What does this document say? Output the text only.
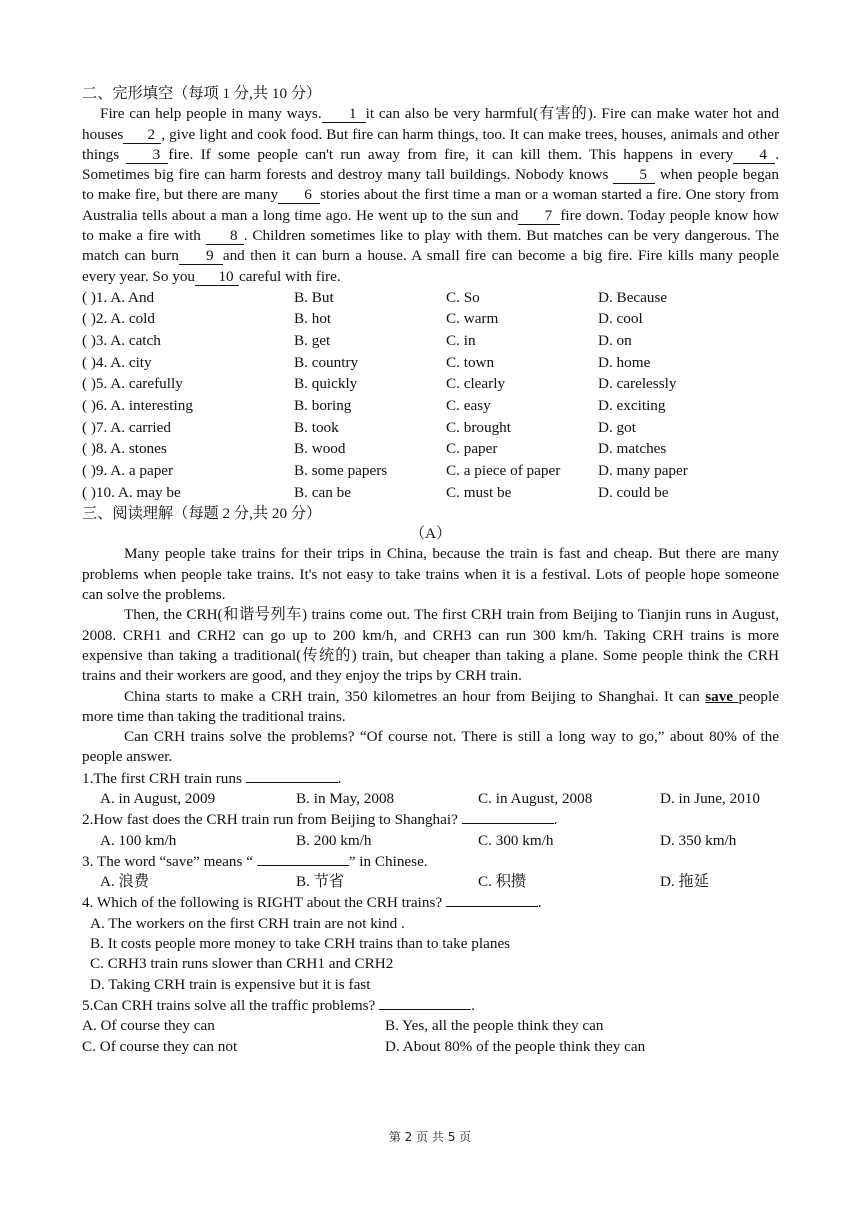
二、完形填空（每项 1 分,共 10 分）

Fire can help people in many ways. 1 it can also be very harmful(有害的). Fire can make water hot and houses 2 , give light and cook food. But fire can harm things, too. It can make trees, houses, animals and other things 3 fire. If some people can't run away from fire, it can kill them. This happens in every 4 . Sometimes big fire can harm forests and destroy many tall buildings. Nobody knows 5 when people began to make fire, but there are many 6 stories about the first time a man or a woman started a fire. One story from Australia tells about a man a long time ago. He went up to the sun and 7 fire down. Today people know how to make a fire with 8 . Children sometimes like to play with them. But matches can be very dangerous. The match can burn 9 and then it can burn a house. A small fire can become a big fire. Fire kills many people every year. So you 10 careful with fire.

( )1. A. And	B. But	C. So	D. Because
( )2. A. cold	B. hot	C. warm	D. cool
( )3. A. catch	B. get	C. in	D. on
( )4. A. city	B. country	C. town	D. home
( )5. A. carefully	B. quickly	C. clearly	D. carelessly
( )6. A. interesting	B. boring	C. easy	D. exciting
( )7. A. carried	B. took	C. brought	D. got
( )8. A. stones	B. wood	C. paper	D. matches
( )9. A. a paper	B. some papers	C. a piece of paper	D. many paper
( )10. A. may be	B. can be	C. must be	D. could be
三、阅读理解（每题 2 分,共 20 分）
（A）

Many people take trains for their trips in China, because the train is fast and cheap. But there are many problems when people take trains. It's not easy to take trains when it is a festival. Lots of people hope someone can solve the problems.

Then, the CRH(和谐号列车) trains come out. The first CRH train from Beijing to Tianjin runs in August, 2008. CRH1 and CRH2 can go up to 200 km/h, and CRH3 can run 300 km/h. Taking CRH trains is more expensive than taking a traditional(传统的) train, but cheaper than taking a plane. Some people think the CRH trains and their workers are good, and they enjoy the trips by CRH train.

China starts to make a CRH train, 350 kilometres an hour from Beijing to Shanghai. It can save people more time than taking the traditional trains.

Can CRH trains solve the problems? “Of course not. There is still a long way to go,” about 80% of the people answer.

1.The first CRH train runs	.
A. in August, 2009	B. in May, 2008	C. in August, 2008	D. in June, 2010
2.How fast does the CRH train run from Beijing to Shanghai?	.
A. 100 km/h	B. 200 km/h	C. 300 km/h	D. 350 km/h
3. The word “save” means “	” in Chinese.
A. 浪费	B. 节省	C. 积攒	D. 拖延
4. Which of the following is RIGHT about the CRH trains?	.
A. The workers on the first CRH train are not kind .
B. It costs people more money to take CRH trains than to take planes
C. CRH3 train runs slower than CRH1 and CRH2
D. Taking CRH train is expensive but it is fast
5.Can CRH trains solve all the traffic problems?	.
A. Of course they can	B. Yes, all the people think they can
C. Of course they can not	D. About 80% of the people think they can
第 2 页 共 5 页
